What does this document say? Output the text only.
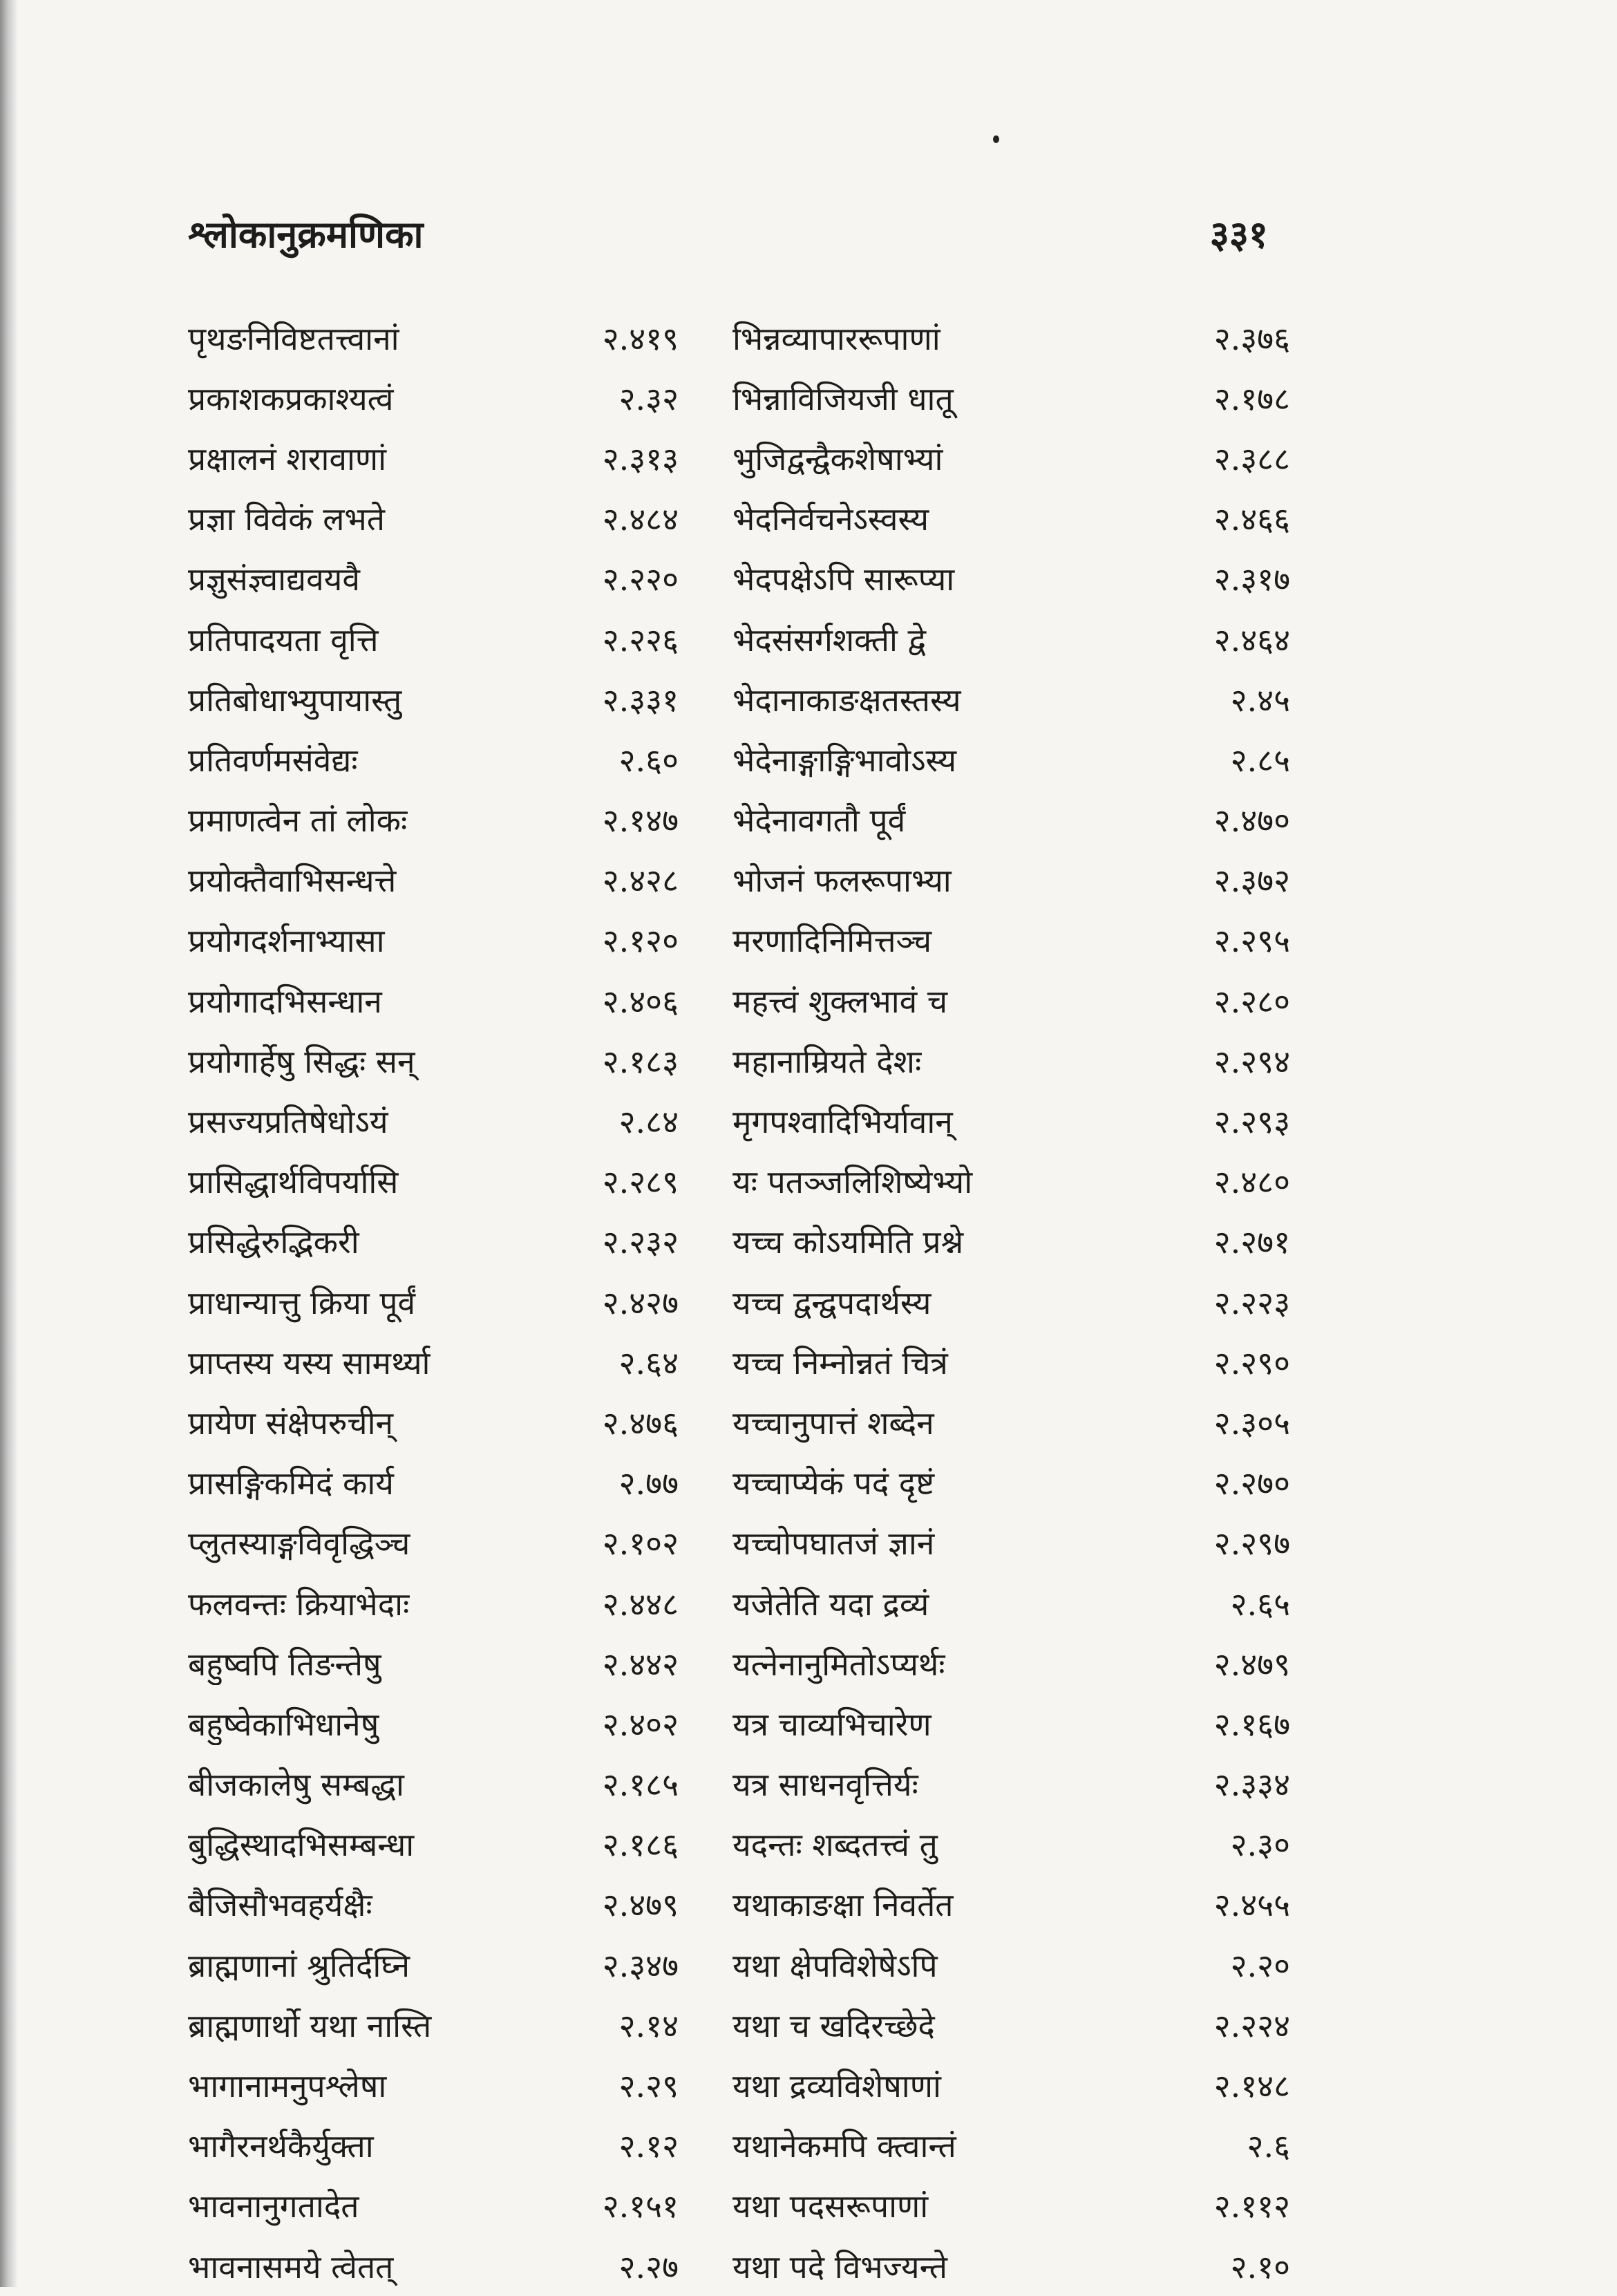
श्लोकानुक्रमणिका	३३१
पृथङनिविष्टतत्त्वानां	२.४१९	भिन्नव्यापाररूपाणां	२.३७६
प्रकाशकप्रकाश्यत्वं	२.३२	भिन्नाविजियजी धातू	२.१७८
प्रक्षालनं शरावाणां	२.३१३	भुजिद्वन्द्वैकशेषाभ्यां	२.३८८
प्रज्ञा विवेकं लभते	२.४८४	भेदनिर्वचनेऽस्वस्य	२.४६६
प्रज्ञुसंज्ञ्वाद्यवयवै	२.२२०	भेदपक्षेऽपि सारूप्या	२.३१७
प्रतिपादयता वृत्ति	२.२२६	भेदसंसर्गशक्ती द्वे	२.४६४
प्रतिबोधाभ्युपायास्तु	२.३३१	भेदानाकाङक्षतस्तस्य	२.४५
प्रतिवर्णमसंवेद्यः	२.६०	भेदेनाङ्गाङ्गिभावोऽस्य	२.८५
प्रमाणत्वेन तां लोकः	२.१४७	भेदेनावगतौ पूर्वं	२.४७०
प्रयोक्तैवाभिसन्धत्ते	२.४२८	भोजनं फलरूपाभ्या	२.३७२
प्रयोगदर्शनाभ्यासा	२.१२०	मरणादिनिमित्तञ्च	२.२९५
प्रयोगादभिसन्धान	२.४०६	महत्त्वं शुक्लभावं च	२.२८०
प्रयोगार्हेषु सिद्धः सन्	२.१८३	महानाम्रियते देशः	२.२९४
प्रसज्यप्रतिषेधोऽयं	२.८४	मृगपश्वादिभिर्यावान्	२.२९३
प्रासिद्धार्थविपर्यासि	२.२८९	यः पतञ्जलिशिष्येभ्यो	२.४८०
प्रसिद्धेरुद्भिकरी	२.२३२	यच्च कोऽयमिति प्रश्ने	२.२७१
प्राधान्यात्तु क्रिया पूर्वं	२.४२७	यच्च द्वन्द्वपदार्थस्य	२.२२३
प्राप्तस्य यस्य सामर्थ्या	२.६४	यच्च निम्नोन्नतं चित्रं	२.२९०
प्रायेण संक्षेपरुचीन्	२.४७६	यच्चानुपात्तं शब्देन	२.३०५
प्रासङ्गिकमिदं कार्य	२.७७	यच्चाप्येकं पदं दृष्टं	२.२७०
प्लुतस्याङ्गविवृद्धिञ्च	२.१०२	यच्चोपघातजं ज्ञानं	२.२९७
फलवन्तः क्रियाभेदाः	२.४४८	यजेतेति यदा द्रव्यं	२.६५
बहुष्वपि तिङन्तेषु	२.४४२	यत्नेनानुमितोऽप्यर्थः	२.४७९
बहुष्वेकाभिधानेषु	२.४०२	यत्र चाव्यभिचारेण	२.१६७
बीजकालेषु सम्बद्धा	२.१८५	यत्र साधनवृत्तिर्यः	२.३३४
बुद्धिस्थादभिसम्बन्धा	२.१८६	यदन्तः शब्दतत्त्वं तु	२.३०
बैजिसौभवहर्यक्षैः	२.४७९	यथाकाङक्षा निवर्तेत	२.४५५
ब्राह्मणानां श्रुतिर्दघ्नि	२.३४७	यथा क्षेपविशेषेऽपि	२.२०
ब्राह्मणार्थो यथा नास्ति	२.१४	यथा च खदिरच्छेदे	२.२२४
भागानामनुपश्लेषा	२.२९	यथा द्रव्यविशेषाणां	२.१४८
भागैरनर्थकैर्युक्ता	२.१२	यथानेकमपि क्त्वान्तं	२.६
भावनानुगतादेत	२.१५१	यथा पदसरूपाणां	२.११२
भावनासमये त्वेतत्	२.२७	यथा पदे विभज्यन्ते	२.१०
